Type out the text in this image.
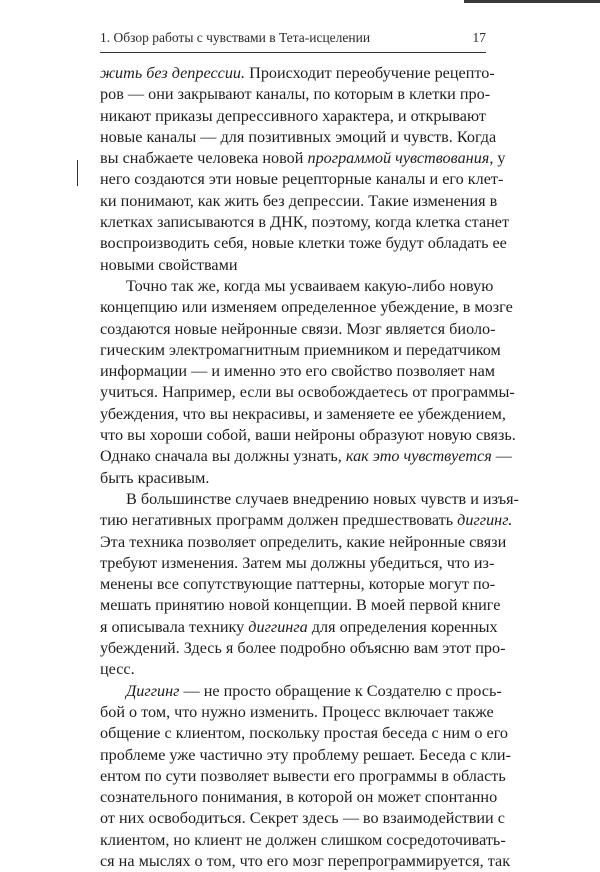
1. Обзор работы с чувствами в Тета-исцелении	17
жить без депрессии. Происходит переобучение рецепто-
ров — они закрывают каналы, по которым в клетки про-
никают приказы депрессивного характера, и открывают
новые каналы — для позитивных эмоций и чувств. Когда
вы снабжаете человека новой программой чувствования, у
него создаются эти новые рецепторные каналы и его клет-
ки понимают, как жить без депрессии. Такие изменения в
клетках записываются в ДНК, поэтому, когда клетка станет
воспроизводить себя, новые клетки тоже будут обладать ее
новыми свойствами
Точно так же, когда мы усваиваем какую-либо новую
концепцию или изменяем определенное убеждение, в мозге
создаются новые нейронные связи. Мозг является биоло-
гическим электромагнитным приемником и передатчиком
информации — и именно это его свойство позволяет нам
учиться. Например, если вы освобождаетесь от программы-
убеждения, что вы некрасивы, и заменяете ее убеждением,
что вы хороши собой, ваши нейроны образуют новую связь.
Однако сначала вы должны узнать, как это чувствуется —
быть красивым.
В большинстве случаев внедрению новых чувств и изъя-
тию негативных программ должен предшествовать диггинг.
Эта техника позволяет определить, какие нейронные связи
требуют изменения. Затем мы должны убедиться, что из-
менены все сопутствующие паттерны, которые могут по-
мешать принятию новой концепции. В моей первой книге
я описывала технику диггинга для определения коренных
убеждений. Здесь я более подробно объясню вам этот про-
цесс.
Диггинг — не просто обращение к Создателю с прось-
бой о том, что нужно изменить. Процесс включает также
общение с клиентом, поскольку простая беседа с ним о его
проблеме уже частично эту проблему решает. Беседа с кли-
ентом по сути позволяет вывести его программы в область
сознательного понимания, в которой он может спонтанно
от них освободиться. Секрет здесь — во взаимодействии с
клиентом, но клиент не должен слишком сосредоточивать-
ся на мыслях о том, что его мозг перепрограммируется, так
